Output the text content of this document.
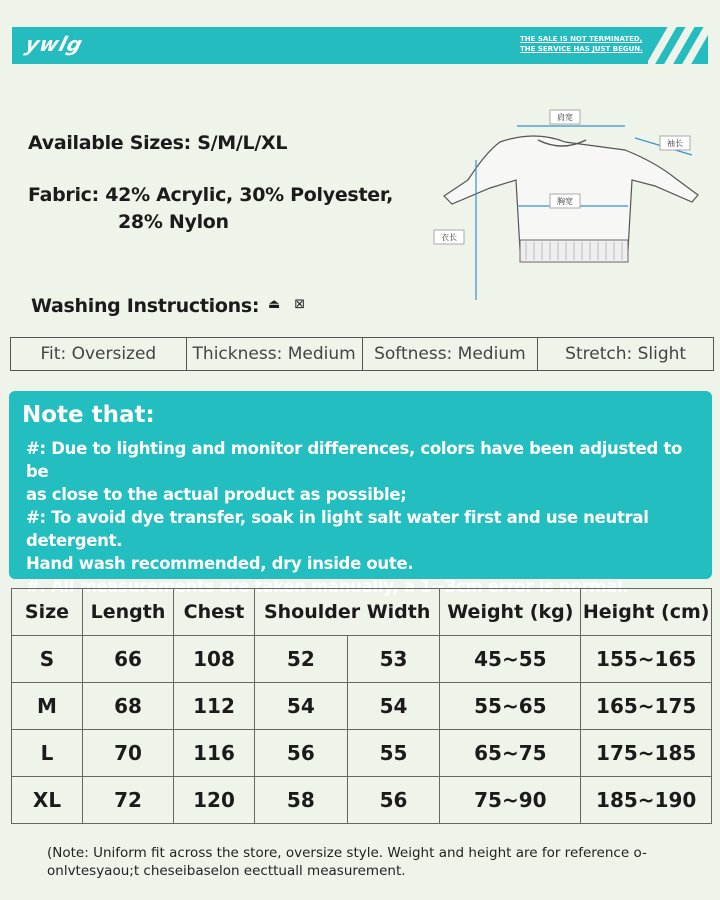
ywlg	THE SALE IS NOT TERMINATED,
THE SERVICE HAS JUST BEGUN.
Available Sizes: S/M/L/XL
Fabric: 42% Acrylic, 30% Polyester,
28% Nylon
Washing Instructions: ⏏ ⊠
肩宽
胸宽
袖长
衣长
Fit: Oversized	Thickness: Medium	Softness: Medium	Stretch: Slight
Note that:
#: Due to lighting and monitor differences, colors have been adjusted to be
as close to the actual product as possible;
#: To avoid dye transfer, soak in light salt water first and use neutral detergent.
Hand wash recommended, dry inside oute.
#. All measurements are taken manually, a 1~3cm error is normal.
Size	Length	Chest	Shoulder Width		Weight (kg)	Height (cm)
S	66	108	52	53	45~55	155~165
M	68	112	54	54	55~65	165~175
L	70	116	56	55	65~75	175~185
XL	72	120	58	56	75~90	185~190
(Note: Uniform fit across the store, oversize style. Weight and height are for reference o- onlvtesyaou;t cheseibaselon eecttuall measurement.
